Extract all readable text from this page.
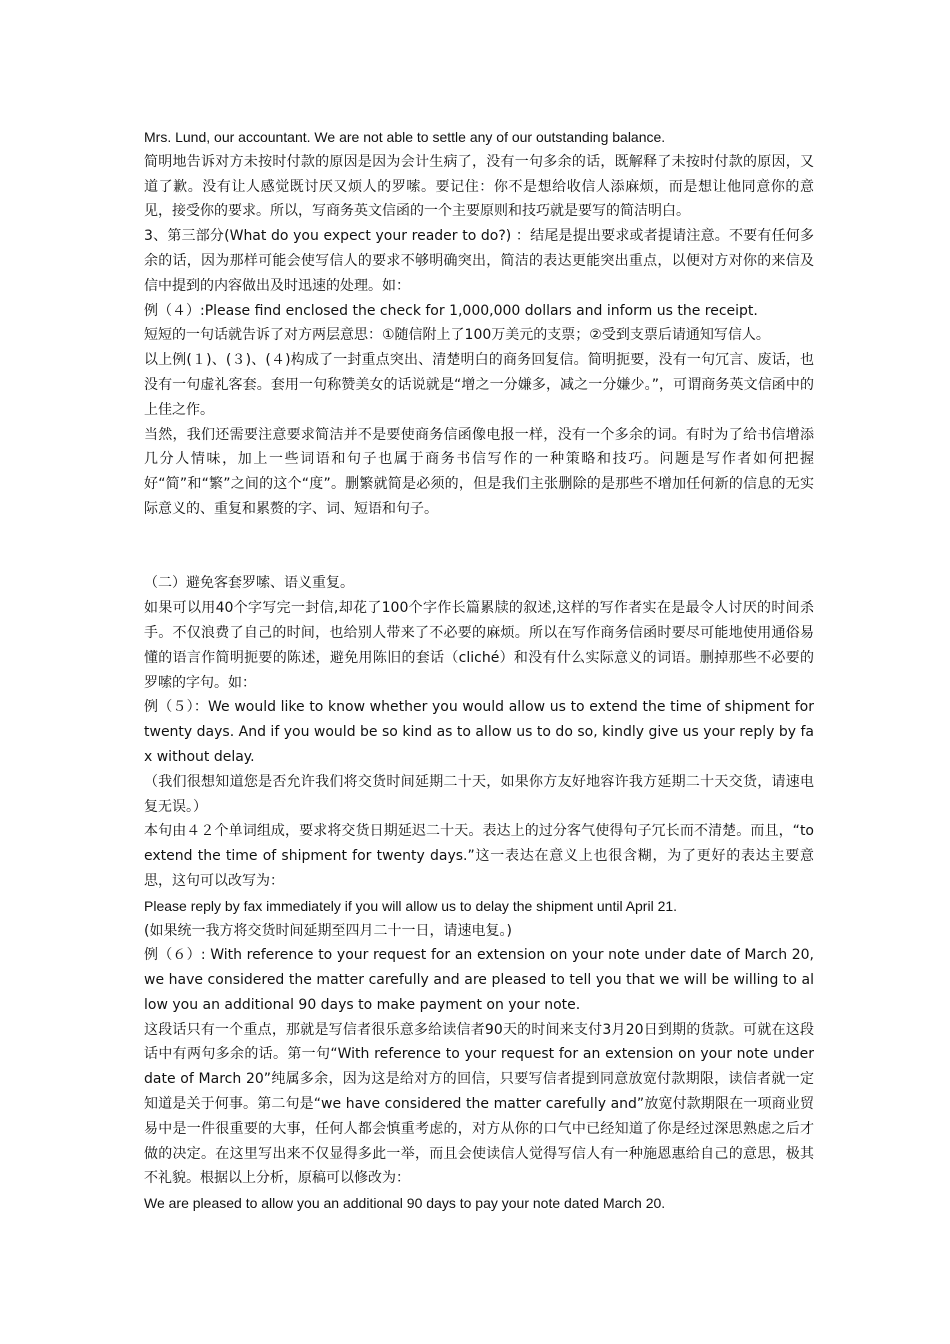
Mrs. Lund, our accountant. We are not able to settle any of our outstanding balance.

简明地告诉对方未按时付款的原因是因为会计生病了，没有一句多余的话，既解释了未按时付款的原因，又道了歉。没有让人感觉既讨厌又烦人的罗嗦。要记住：你不是想给收信人添麻烦，而是想让他同意你的意见，接受你的要求。所以，写商务英文信函的一个主要原则和技巧就是要写的简洁明白。

3、第三部分(What do you expect your reader to do?) ：结尾是提出要求或者提请注意。不要有任何多余的话，因为那样可能会使写信人的要求不够明确突出，简洁的表达更能突出重点，以便对方对你的来信及信中提到的内容做出及时迅速的处理。如：

例（４）:Please find enclosed the check for 1,000,000 dollars and inform us the receipt.

短短的一句话就告诉了对方两层意思：①随信附上了100万美元的支票；②受到支票后请通知写信人。

以上例(１)、(３)、(４)构成了一封重点突出、清楚明白的商务回复信。简明扼要，没有一句冗言、废话，也没有一句虚礼客套。套用一句称赞美女的话说就是“增之一分嫌多，减之一分嫌少。”，可谓商务英文信函中的上佳之作。

当然，我们还需要注意要求简洁并不是要使商务信函像电报一样，没有一个多余的词。有时为了给书信增添几分人情味，加上一些词语和句子也属于商务书信写作的一种策略和技巧。问题是写作者如何把握好“简”和“繁”之间的这个“度”。删繁就简是必须的，但是我们主张删除的是那些不增加任何新的信息的无实际意义的、重复和累赘的字、词、短语和句子。

（二）避免客套罗嗦、语义重复。

如果可以用40个字写完一封信,却花了100个字作长篇累牍的叙述,这样的写作者实在是最令人讨厌的时间杀手。不仅浪费了自己的时间，也给别人带来了不必要的麻烦。所以在写作商务信函时要尽可能地使用通俗易懂的语言作简明扼要的陈述，避免用陈旧的套话（cliché）和没有什么实际意义的词语。删掉那些不必要的罗嗦的字句。如：

例（５）：We would like to know whether you would allow us to extend the time of shipment for twenty days. And if you would be so kind as to allow us to do so, kindly give us your reply by fax without delay.

（我们很想知道您是否允许我们将交货时间延期二十天，如果你方友好地容许我方延期二十天交货，请速电复无误。）

本句由４２个单词组成，要求将交货日期延迟二十天。表达上的过分客气使得句子冗长而不清楚。而且，“to extend the time of shipment for twenty days.”这一表达在意义上也很含糊，为了更好的表达主要意思，这句可以改写为：

Please reply by fax immediately if you will allow us to delay the shipment until April 21.

(如果统一我方将交货时间延期至四月二十一日，请速电复。)

例（６）: With reference to your request for an extension on your note under date of March 20,we have considered the matter carefully and are pleased to tell you that we will be willing to allow you an additional 90 days to make payment on your note.

这段话只有一个重点，那就是写信者很乐意多给读信者90天的时间来支付3月20日到期的货款。可就在这段话中有两句多余的话。第一句“With reference to your request for an extension on your note under date of March 20”纯属多余，因为这是给对方的回信，只要写信者提到同意放宽付款期限，读信者就一定知道是关于何事。第二句是“we have considered the matter carefully and”放宽付款期限在一项商业贸易中是一件很重要的大事，任何人都会慎重考虑的，对方从你的口气中已经知道了你是经过深思熟虑之后才做的决定。在这里写出来不仅显得多此一举，而且会使读信人觉得写信人有一种施恩惠给自己的意思，极其不礼貌。根据以上分析，原稿可以修改为：

We are pleased to allow you an additional 90 days to pay your note dated March 20.
